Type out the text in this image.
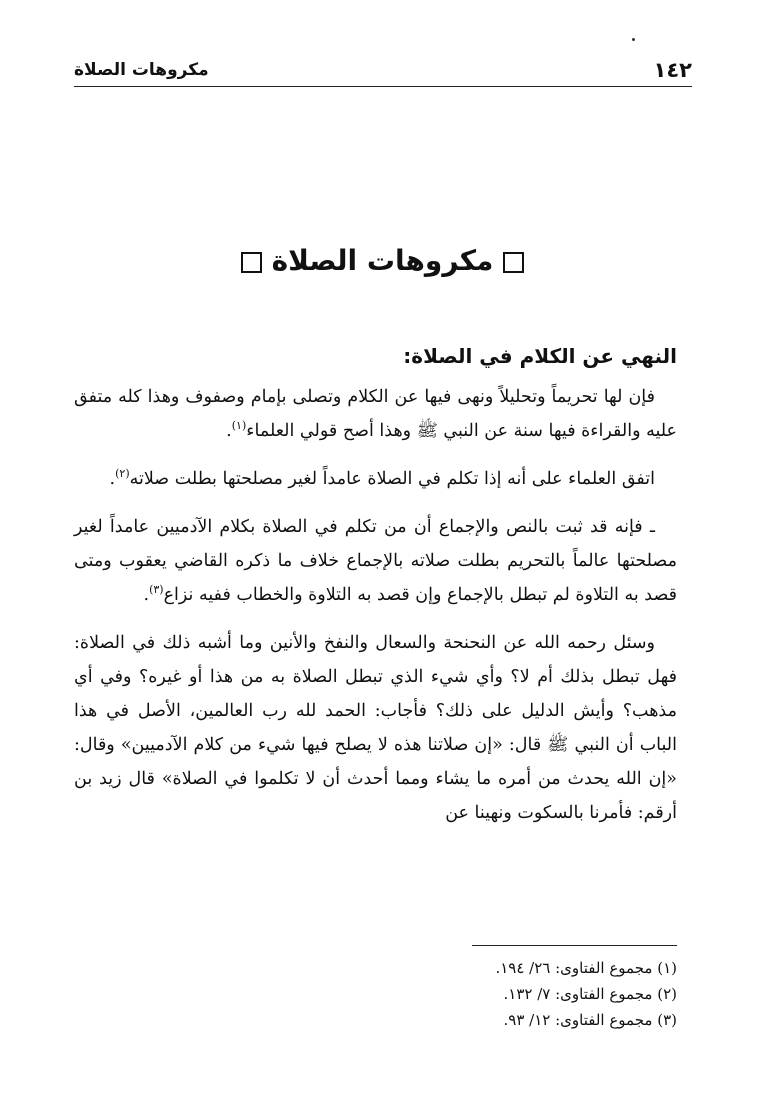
١٤٢
مكروهات الصلاة
مكروهات الصلاة
النهي عن الكلام في الصلاة:

فإن لها تحريماً وتحليلاً ونهى فيها عن الكلام وتصلى بإمام وصفوف وهذا كله متفق عليه والقراءة فيها سنة عن النبي ﷺ وهذا أصح قولي العلماء$^{(١)}$.

اتفق العلماء على أنه إذا تكلم في الصلاة عامداً لغير مصلحتها بطلت صلاته$^{(٢)}$.

ـ فإنه قد ثبت بالنص والإجماع أن من تكلم في الصلاة بكلام الآدميين عامداً لغير مصلحتها عالماً بالتحريم بطلت صلاته بالإجماع خلاف ما ذكره القاضي يعقوب ومتى قصد به التلاوة لم تبطل بالإجماع وإن قصد به التلاوة والخطاب ففيه نزاع$^{(٣)}$.

وسئل رحمه الله عن النحنحة والسعال والنفخ والأنين وما أشبه ذلك في الصلاة: فهل تبطل بذلك أم لا؟ وأي شيء الذي تبطل الصلاة به من هذا أو غيره؟ وفي أي مذهب؟ وأيش الدليل على ذلك؟ فأجاب: الحمد لله رب العالمين، الأصل في هذا الباب أن النبي ﷺ قال: «إن صلاتنا هذه لا يصلح فيها شيء من كلام الآدميين» وقال: «إن الله يحدث من أمره ما يشاء ومما أحدث أن لا تكلموا في الصلاة» قال زيد بن أرقم: فأمرنا بالسكوت ونهينا عن

(١) مجموع الفتاوى: ٢٦/ ١٩٤.
(٢) مجموع الفتاوى: ٧/ ١٣٢.
(٣) مجموع الفتاوى: ١٢/ ٩٣.
